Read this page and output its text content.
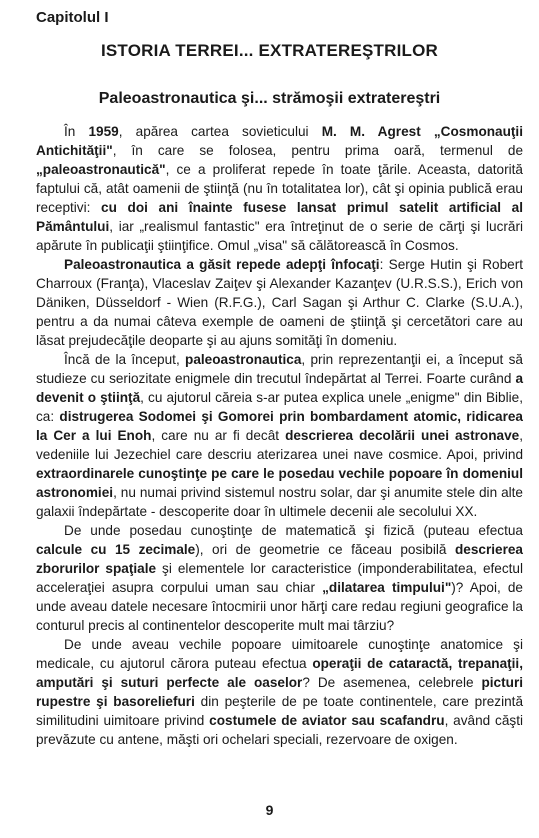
Capitolul I
ISTORIA TERREI... EXTRATEREŞTRILOR
Paleoastronautica şi... strămoşii extratereştri

În 1959, apărea cartea sovieticului M. M. Agrest „Cosmonauţii Antichităţii", în care se folosea, pentru prima oară, termenul de „paleoastronautică", ce a proliferat repede în toate ţările. Aceasta, datorită faptului că, atât oamenii de ştiinţă (nu în totalitatea lor), cât şi opinia publică erau receptivi: cu doi ani înainte fusese lansat primul satelit artificial al Pământului, iar „realismul fantastic" era întreţinut de o serie de cărţi şi lucrări apărute în publicaţii ştiinţifice. Omul „visa" să călătorească în Cosmos.

Paleoastronautica a găsit repede adepţi înfocaţi: Serge Hutin şi Robert Charroux (Franţa), Vlaceslav Zaiţev şi Alexander Kazanţev (U.R.S.S.), Erich von Däniken, Düsseldorf - Wien (R.F.G.), Carl Sagan şi Arthur C. Clarke (S.U.A.), pentru a da numai câteva exemple de oameni de ştiinţă şi cercetători care au lăsat prejudecăţile deoparte şi au ajuns somităţi în domeniu.

Încă de la început, paleoastronautica, prin reprezentanţii ei, a început să studieze cu seriozitate enigmele din trecutul îndepărtat al Terrei. Foarte curând a devenit o ştiinţă, cu ajutorul căreia s-ar putea explica unele „enigme" din Biblie, ca: distrugerea Sodomei şi Gomorei prin bombardament atomic, ridicarea la Cer a lui Enoh, care nu ar fi decât descrierea decolării unei astronave, vedeniile lui Jezechiel care descriu aterizarea unei nave cosmice. Apoi, privind extraordinarele cunoştinţe pe care le posedau vechile popoare în domeniul astronomiei, nu numai privind sistemul nostru solar, dar şi anumite stele din alte galaxii îndepărtate - descoperite doar în ultimele decenii ale secolului XX.

De unde posedau cunoştinţe de matematică şi fizică (puteau efectua calcule cu 15 zecimale), ori de geometrie ce făceau posibilă descrierea zborurilor spaţiale şi elementele lor caracteristice (imponderabilitatea, efectul acceleraţiei asupra corpului uman sau chiar „dilatarea timpului")? Apoi, de unde aveau datele necesare întocmirii unor hărţi care redau regiuni geografice la conturul precis al continentelor descoperite mult mai târziu?

De unde aveau vechile popoare uimitoarele cunoştinţe anatomice şi medicale, cu ajutorul cărora puteau efectua operaţii de cataractă, trepanaţii, amputări şi suturi perfecte ale oaselor? De asemenea, celebrele picturi rupestre şi basoreliefuri din peşterile de pe toate continentele, care prezintă similitudini uimitoare privind costumele de aviator sau scafandru, având căşti prevăzute cu antene, măşti ori ochelari speciali, rezervoare de oxigen.

9
